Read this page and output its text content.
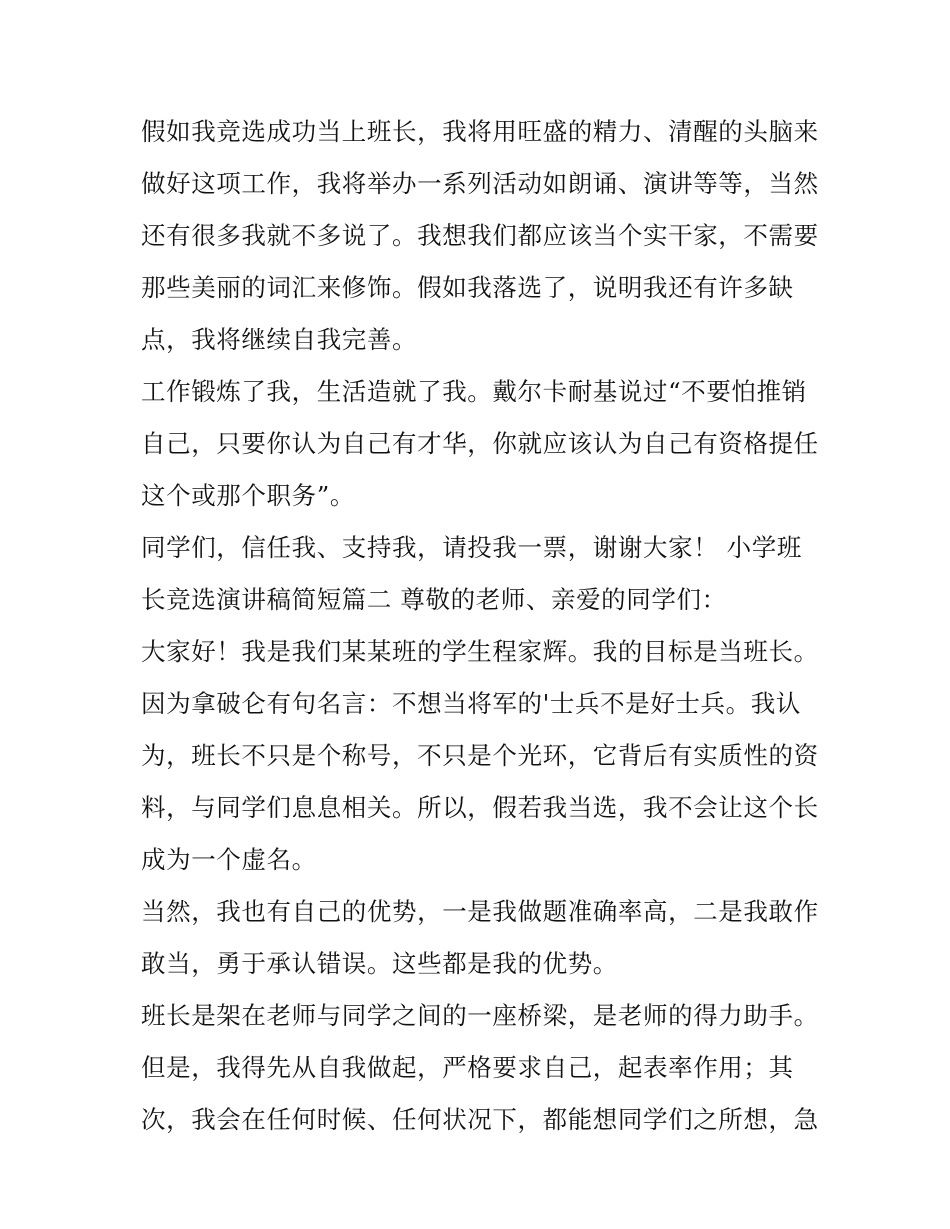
假如我竞选成功当上班长，我将用旺盛的精力、清醒的头脑来
做好这项工作，我将举办一系列活动如朗诵、演讲等等，当然
还有很多我就不多说了。我想我们都应该当个实干家，不需要
那些美丽的词汇来修饰。假如我落选了，说明我还有许多缺
点，我将继续自我完善。
工作锻炼了我，生活造就了我。戴尔卡耐基说过“不要怕推销
自己，只要你认为自己有才华，你就应该认为自己有资格提任
这个或那个职务”。
同学们，信任我、支持我，请投我一票，谢谢大家！ 小学班
长竞选演讲稿简短篇二 尊敬的老师、亲爱的同学们：
大家好！我是我们某某班的学生程家辉。我的目标是当班长。
因为拿破仑有句名言：不想当将军的'士兵不是好士兵。我认
为，班长不只是个称号，不只是个光环，它背后有实质性的资
料，与同学们息息相关。所以，假若我当选，我不会让这个长
成为一个虚名。
当然，我也有自己的优势，一是我做题准确率高，二是我敢作
敢当，勇于承认错误。这些都是我的优势。
班长是架在老师与同学之间的一座桥梁，是老师的得力助手。
但是，我得先从自我做起，严格要求自己，起表率作用；其
次，我会在任何时候、任何状况下，都能想同学们之所想，急
